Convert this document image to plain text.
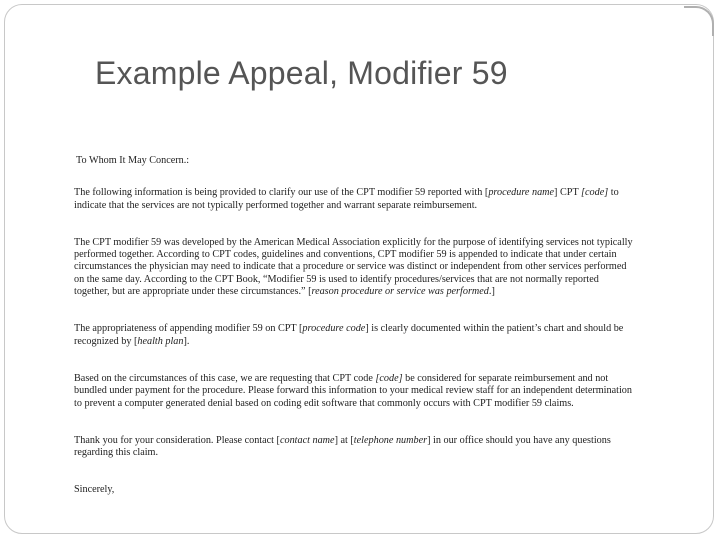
Example Appeal, Modifier 59

To Whom It May Concern.:

The following information is being provided to clarify our use of the CPT modifier 59 reported with [procedure name] CPT [code] to indicate that the services are not typically performed together and warrant separate reimbursement.

The CPT modifier 59 was developed by the American Medical Association explicitly for the purpose of identifying services not typically performed together. According to CPT codes, guidelines and conventions, CPT modifier 59 is appended to indicate that under certain circumstances the physician may need to indicate that a procedure or service was distinct or independent from other services performed on the same day. According to the CPT Book, “Modifier 59 is used to identify procedures/services that are not normally reported together, but are appropriate under these circumstances.” [reason procedure or service was performed.]

The appropriateness of appending modifier 59 on CPT [procedure code] is clearly documented within the patient’s chart and should be recognized by [health plan].

Based on the circumstances of this case, we are requesting that CPT code [code] be considered for separate reimbursement and not bundled under payment for the procedure. Please forward this information to your medical review staff for an independent determination to prevent a computer generated denial based on coding edit software that commonly occurs with CPT modifier 59 claims.

Thank you for your consideration. Please contact [contact name] at [telephone number] in our office should you have any questions regarding this claim.

Sincerely,
